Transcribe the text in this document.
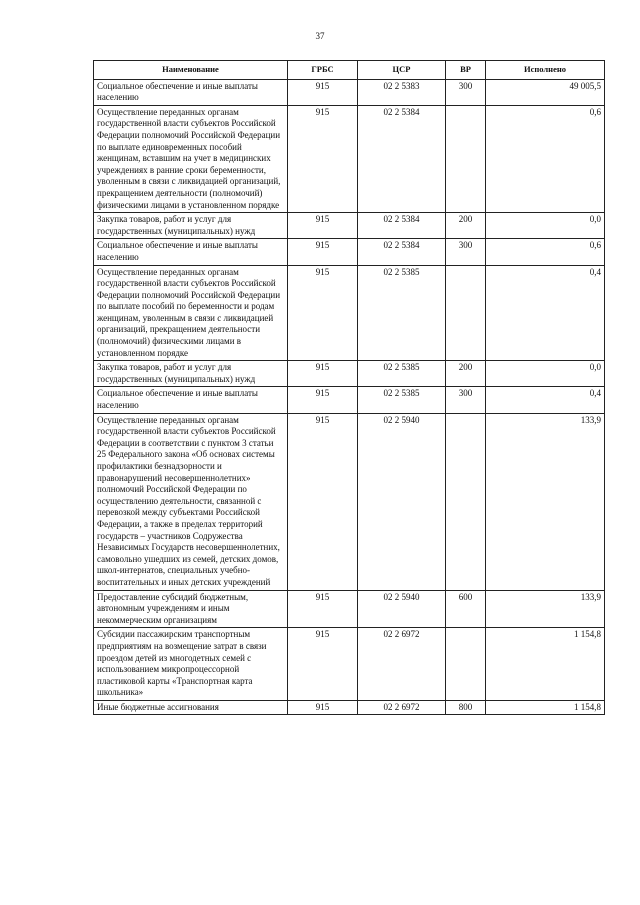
37
Наименование	ГРБС	ЦСР	ВР	Исполнено
Социальное обеспечение и иные выплаты населению	915	02 2 5383	300	49 005,5
Осуществление переданных органам государственной власти субъектов Российской Федерации полномочий Российской Федерации по выплате единовременных пособий женщинам, вставшим на учет в медицинских учреждениях в ранние сроки беременности, уволенным в связи с ликвидацией организаций, прекращением деятельности (полномочий) физическими лицами в установленном порядке	915	02 2 5384		0,6
Закупка товаров, работ и услуг для государственных (муниципальных) нужд	915	02 2 5384	200	0,0
Социальное обеспечение и иные выплаты населению	915	02 2 5384	300	0,6
Осуществление переданных органам государственной власти субъектов Российской Федерации полномочий Российской Федерации по выплате пособий по беременности и родам женщинам, уволенным в связи с ликвидацией организаций, прекращением деятельности (полномочий) физическими лицами в установленном порядке	915	02 2 5385		0,4
Закупка товаров, работ и услуг для государственных (муниципальных) нужд	915	02 2 5385	200	0,0
Социальное обеспечение и иные выплаты населению	915	02 2 5385	300	0,4
Осуществление переданных органам государственной власти субъектов Российской Федерации в соответствии с пунктом 3 статьи 25 Федерального закона «Об основах системы профилактики безнадзорности и правонарушений несовершеннолетних» полномочий Российской Федерации по осуществлению деятельности, связанной с перевозкой между субъектами Российской Федерации, а также в пределах территорий государств – участников Содружества Независимых Государств несовершеннолетних, самовольно ушедших из семей, детских домов, школ-интернатов, специальных учебно-воспитательных и иных детских учреждений	915	02 2 5940		133,9
Предоставление субсидий бюджетным, автономным учреждениям и иным некоммерческим организациям	915	02 2 5940	600	133,9
Субсидии пассажирским транспортным предприятиям на возмещение затрат в связи проездом детей из многодетных семей с использованием микропроцессорной пластиковой карты «Транспортная карта школьника»	915	02 2 6972		1 154,8
Иные бюджетные ассигнования	915	02 2 6972	800	1 154,8
